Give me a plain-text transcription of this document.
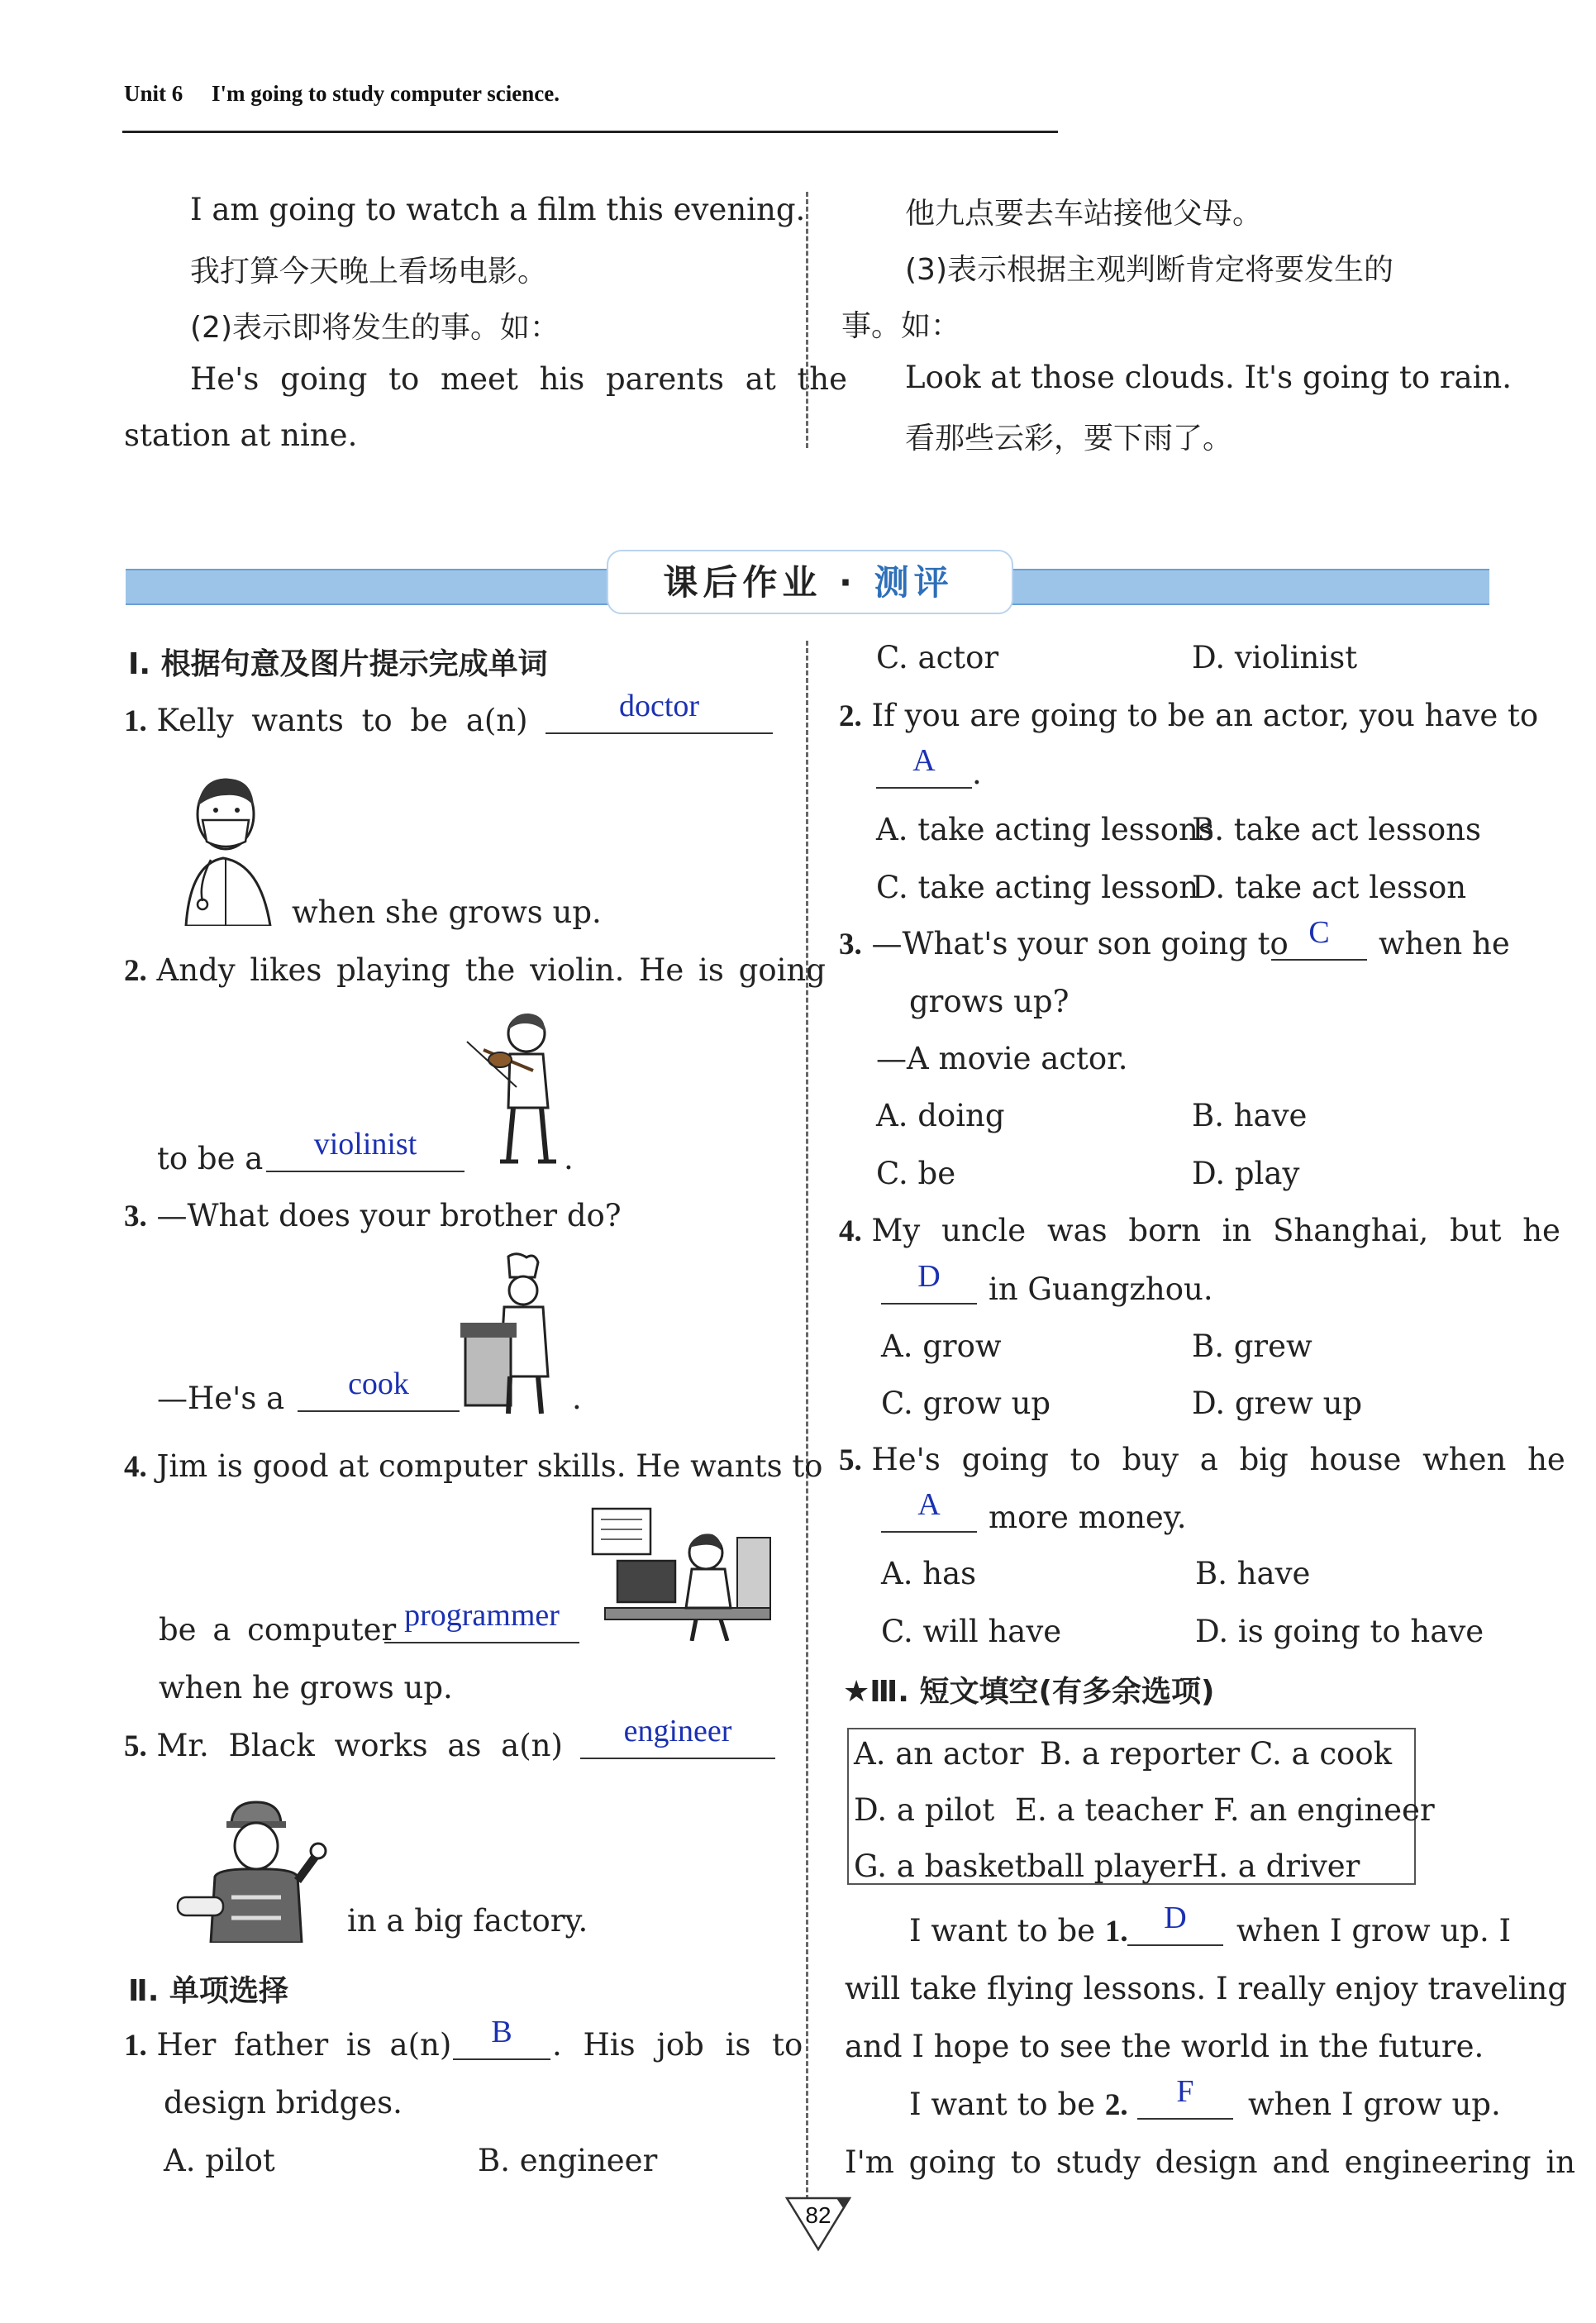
Unit 6 I'm going to study computer science.
I am going to watch a film this evening.
我打算今天晚上看场电影。
(2)表示即将发生的事。如：
He's going to meet his parents at the
station at nine.
他九点要去车站接他父母。
(3)表示根据主观判断肯定将要发生的
事。如：
Look at those clouds. It's going to rain.
看那些云彩，要下雨了。
课后作业 · 测评
Ⅰ. 根据句意及图片提示完成单词
1. Kelly wants to be a(n)	doctor
when she grows up.
2. Andy likes playing the violin. He is going
to be a	violinist	.
3. —What does your brother do?
—He's a	cook	.
4. Jim is good at computer skills. He wants to
be a computer programmer
when he grows up.
5. Mr. Black works as a(n)	engineer
in a big factory.
Ⅱ. 单项选择
1. Her father is a(n)	B	. His job is to
design bridges.
A. pilot	B. engineer
C. actor	D. violinist
2. If you are going to be an actor, you have to
A	.
A. take acting lessons
B. take act lessons
C. take acting lesson
D. take act lesson
3. —What's your son going to C	when he
grows up?
—A movie actor.
A. doing	B. have
C. be	D. play
4. My uncle was born in Shanghai, but he
D	in Guangzhou.
A. grow	B. grew
C. grow up	D. grew up
5. He's going to buy a big house when he
A	more money.
A. has	B. have
C. will have	D. is going to have
★Ⅲ. 短文填空(有多余选项)
A. an actor B. a reporter C. a cook
D. a pilot E. a teacher F. an engineer
G. a basketball player H. a driver
I want to be 1.	D	when I grow up. I
will take flying lessons. I really enjoy traveling
and I hope to see the world in the future.
I want to be 2.	F	when I grow up.
I'm going to study design and engineering in
82
